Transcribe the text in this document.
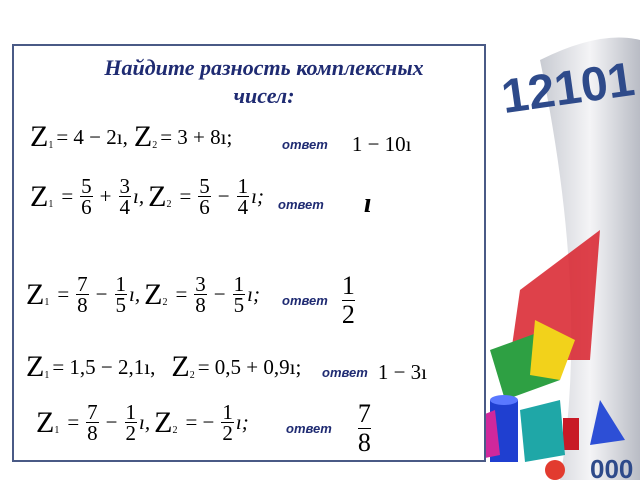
12101
000
Найдите разность комплексных
чисел:
Z 1 = 4 − 2ı, Z 2 = 3 + 8ı;	ответ 1 − 10ı
Z $1 = \frac{5}{6} + \frac{3}{4}$ ı, Z $2 = \frac{5}{6} - \frac{1}{4}$ ı; ответ ı
Z $1 = \frac{7}{8} - \frac{1}{5}$ ı, Z $2 = \frac{3}{8} - \frac{1}{5}$ ı; ответ
1
2
Z 1 = 1,5 − 2,1ı, Z 2 = 0,5 + 0,9ı; ответ 1 − 3ı
Z $1 = \frac{7}{8} - \frac{1}{2}$ ı, Z 2 = − $\frac{1}{2}$ ı;	ответ
7
8
